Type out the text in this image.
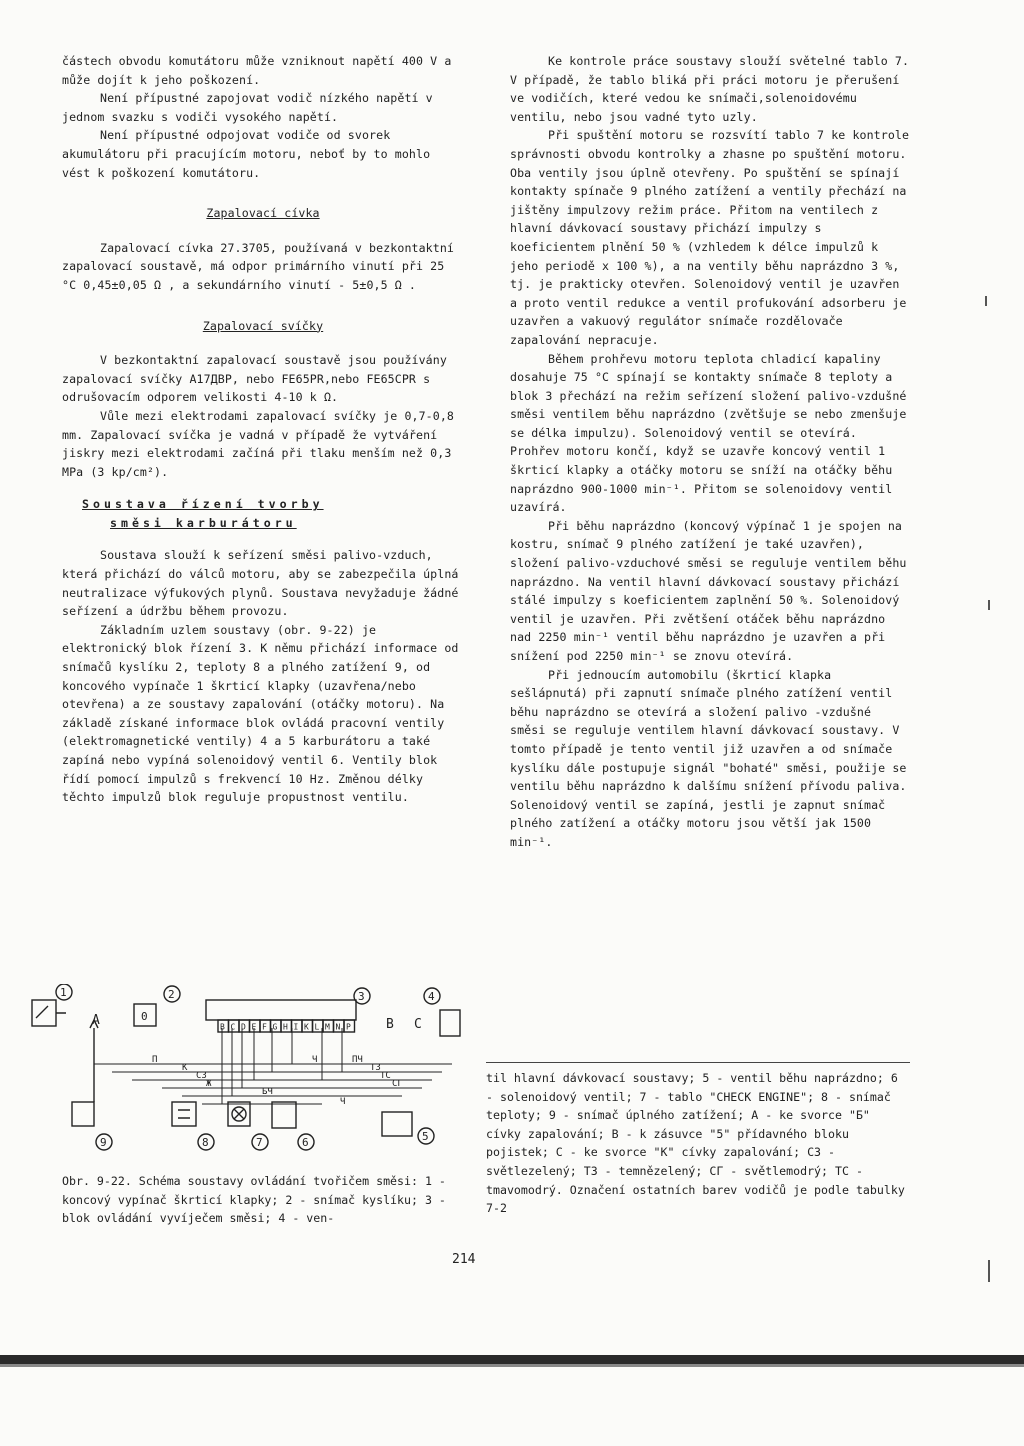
částech obvodu komutátoru může vzniknout napětí 400 V a může dojít k jeho poškození.

Není přípustné zapojovat vodič nízkého napětí v jednom svazku s vodiči vysokého napětí.

Není přípustné odpojovat vodiče od svorek akumulátoru při pracujícím motoru, neboť by to mohlo vést k poškození komutátoru.

Zapalovací cívka

Zapalovací cívka 27.3705, používaná v bezkontaktní zapalovací soustavě, má odpor primárního vinutí při 25 °C 0,45±0,05 Ω , a sekundárního vinutí - 5±0,5 Ω .

Zapalovací svíčky

V bezkontaktní zapalovací soustavě jsou používány zapalovací svíčky A17ДВР, nebo FE65PR,nebo FE65CPR s odrušovacím odporem velikosti 4-10 k Ω.

Vůle mezi elektrodami zapalovací svíčky je 0,7-0,8 mm. Zapalovací svíčka je vadná v případě že vytváření jiskry mezi elektrodami začíná při tlaku menším než 0,3 MPa (3 kp/cm²).

Soustava řízení tvorby
směsi karburátoru

Soustava slouží k seřízení směsi palivo-vzduch, která přichází do válců motoru, aby se zabezpečila úplná neutralizace výfukových plynů. Soustava nevyžaduje žádné seřízení a údržbu během provozu.

Základním uzlem soustavy (obr. 9-22) je elektronický blok řízení 3. K němu přichází informace od snímačů kyslíku 2, teploty 8 a plného zatížení 9, od koncového vypínače 1 škrticí klapky (uzavřena/nebo otevřena) a ze soustavy zapalování (otáčky motoru). Na základě získané informace blok ovládá pracovní ventily (elektromagnetické ventily) 4 a 5 karburátoru a také zapíná nebo vypíná solenoidový ventil 6. Ventily blok řídí pomocí impulzů s frekvencí 10 Hz. Změnou délky těchto impulzů blok reguluje propustnost ventilu.

Ke kontrole práce soustavy slouží světelné tablo 7. V případě, že tablo bliká při práci motoru je přerušení ve vodičích, které vedou ke snímači,solenoidovému ventilu, nebo jsou vadné tyto uzly.

Při spuštění motoru se rozsvítí tablo 7 ke kontrole správnosti obvodu kontrolky a zhasne po spuštění motoru. Oba ventily jsou úplně otevřeny. Po spuštění se spínají kontakty spínače 9 plného zatížení a ventily přechází na jištěny impulzovy režim práce. Přitom na ventilech z hlavní dávkovací soustavy přichází impulzy s koeficientem plnění 50 % (vzhledem k délce impulzů k jeho periodě x 100 %), a na ventily běhu naprázdno 3 %, tj. je prakticky otevřen. Solenoidový ventil je uzavřen a proto ventil redukce a ventil profukování adsorberu je uzavřen a vakuový regulátor snímače rozdělovače zapalování nepracuje.

Během prohřevu motoru teplota chladicí kapaliny dosahuje 75 °C spínají se kontakty snímače 8 teploty a blok 3 přechází na režim seřízení složení palivo-vzdušné směsi ventilem běhu naprázdno (zvětšuje se nebo zmenšuje se délka impulzu). Solenoidový ventil se otevírá. Prohřev motoru končí, když se uzavře koncový ventil 1 škrticí klapky a otáčky motoru se sníží na otáčky běhu naprázdno 900-1000 min⁻¹. Přitom se solenoidovy ventil uzavírá.

Při běhu naprázdno (koncový výpínač 1 je spojen na kostru, snímač 9 plného zatížení je také uzavřen), složení palivo-vzduchové směsi se reguluje ventilem běhu naprázdno. Na ventil hlavní dávkovací soustavy přichází stálé impulzy s koeficientem zaplnění 50 %. Solenoidový ventil je uzavřen. Při zvětšení otáček běhu naprázdno nad 2250 min⁻¹ ventil běhu naprázdno je uzavřen a při snížení pod 2250 min⁻¹ se znovu otevírá.

Při jednoucím automobilu (škrticí klapka sešlápnutá) při zapnutí snímače plného zatížení ventil běhu naprázdno se otevírá a složení palivo -vzdušné směsi se reguluje ventilem hlavní dávkovací soustavy. V tomto případě je tento ventil již uzavřen a od snímače kyslíku dále postupuje signál "bohaté" směsi, použije se ventilu běhu naprázdno k dalšímu snížení přívodu paliva. Solenoidový ventil se zapíná, jestli je zapnut snímač plného zatížení a otáčky motoru jsou větší jak 1500 min⁻¹.

1
A	0
2	3
B C D E F G H I K L M N P	B C
4
П
К
СЗ
Ж
Ч
БЧ
ПЧ
ТЗ
ТС
СГ
Ч
9	8	7	6	5
Obr. 9-22. Schéma soustavy ovládání tvořičem směsi: 1 - koncový vypínač škrticí klapky; 2 - snímač kyslíku; 3 - blok ovládání vyvíječem směsi; 4 - ven-
til hlavní dávkovací soustavy; 5 - ventil běhu naprázdno; 6 - solenoidový ventil; 7 - tablo "CHECK ENGINE"; 8 - snímač teploty; 9 - snímač úplného zatížení; A - ke svorce "Б" cívky zapalování; B - k zásuvce "5" přídavného bloku pojistek; C - ke svorce "K" cívky zapalování; C3 - světlezelený; T3 - temnězelený; СГ - světlemodrý; TC - tmavomodrý. Označení ostatních barev vodičů je podle tabulky 7-2
214
